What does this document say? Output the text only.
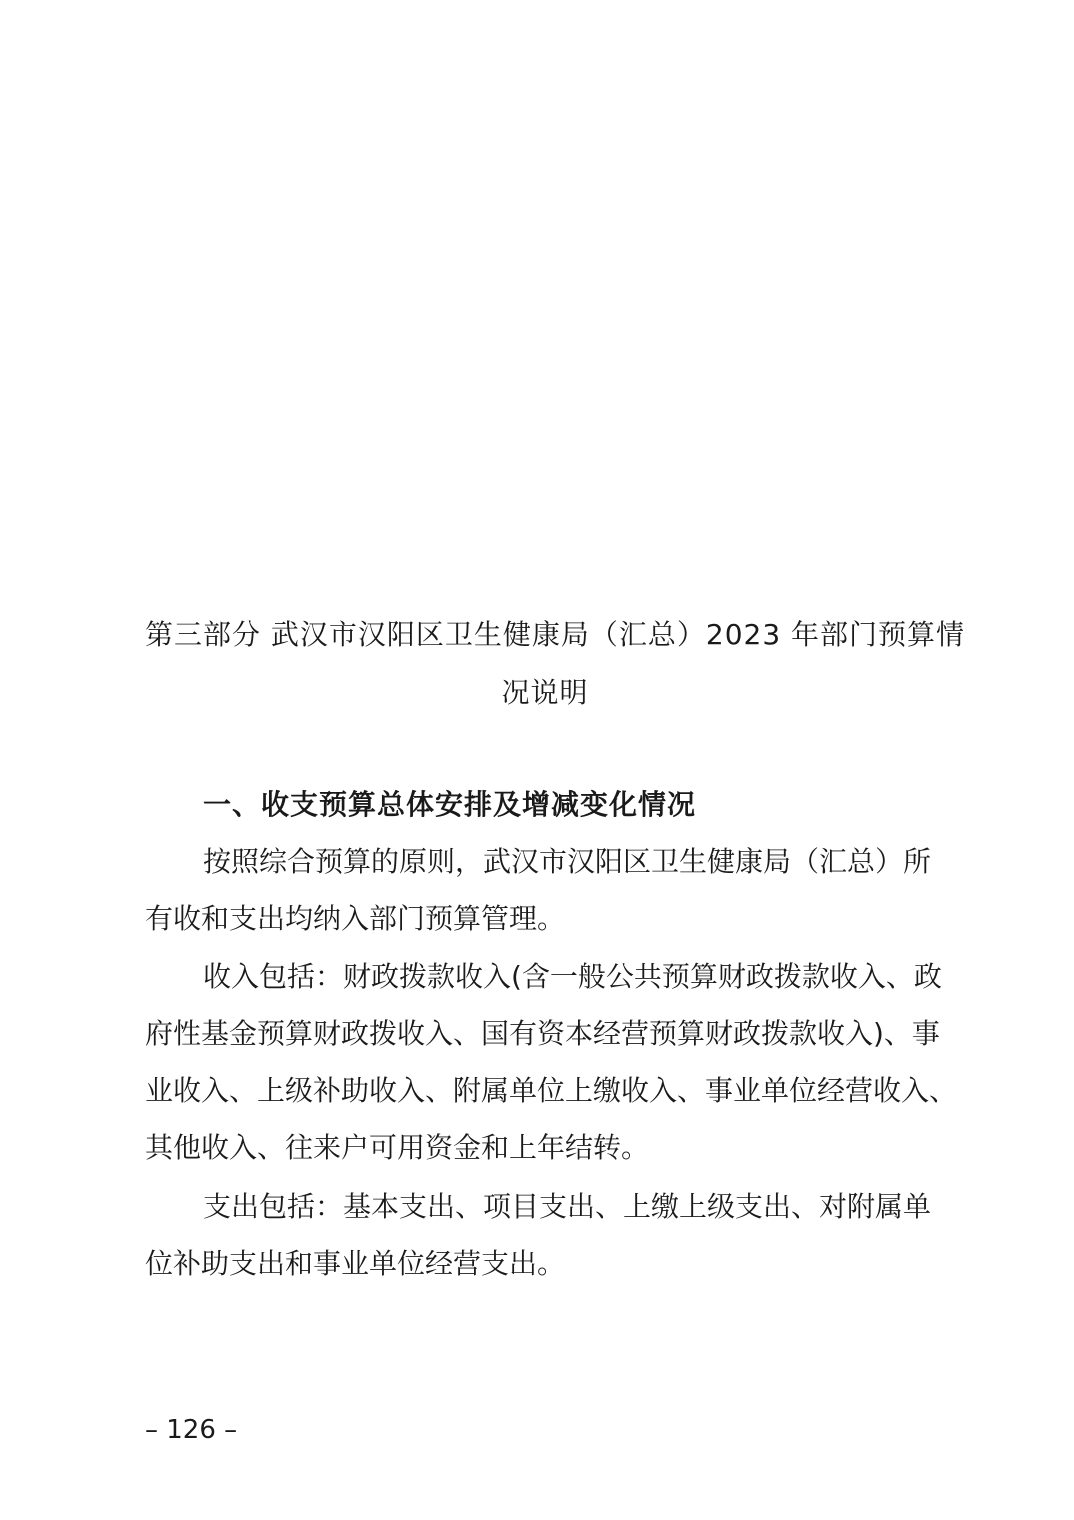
第三部分 武汉市汉阳区卫生健康局（汇总）2023 年部门预算情
况说明
一、收支预算总体安排及增减变化情况
按照综合预算的原则，武汉市汉阳区卫生健康局（汇总）所
有收和支出均纳入部门预算管理。
收入包括：财政拨款收入(含一般公共预算财政拨款收入、政
府性基金预算财政拨收入、国有资本经营预算财政拨款收入)、事
业收入、上级补助收入、附属单位上缴收入、事业单位经营收入、
其他收入、往来户可用资金和上年结转。
支出包括：基本支出、项目支出、上缴上级支出、对附属单
位补助支出和事业单位经营支出。
– 126 –
